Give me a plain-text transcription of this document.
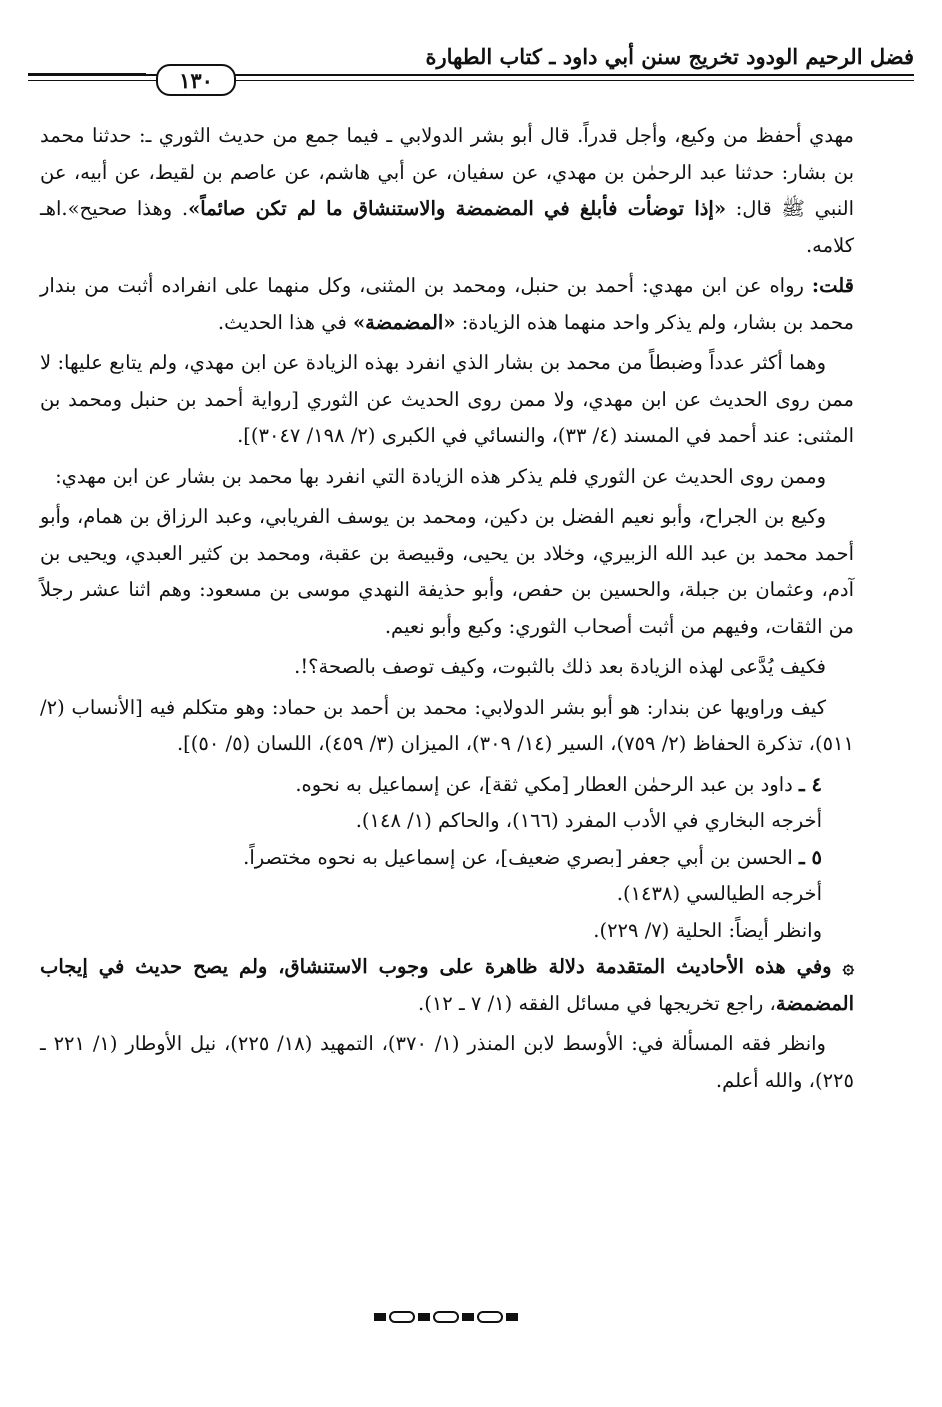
فضل الرحيم الودود تخريج سنن أبي داود ـ كتاب الطهارة
١٣٠

مهدي أحفظ من وكيع، وأجل قدراً. قال أبو بشر الدولابي ـ فيما جمع من حديث الثوري ـ: حدثنا محمد بن بشار: حدثنا عبد الرحمٰن بن مهدي، عن سفيان، عن أبي هاشم، عن عاصم بن لقيط، عن أبيه، عن النبي ﷺ قال: «إذا توضأت فأبلغ في المضمضة والاستنشاق ما لم تكن صائماً». وهذا صحيح».اهـ كلامه.

قلت: رواه عن ابن مهدي: أحمد بن حنبل، ومحمد بن المثنى، وكل منهما على انفراده أثبت من بندار محمد بن بشار، ولم يذكر واحد منهما هذه الزيادة: «المضمضة» في هذا الحديث.

وهما أكثر عدداً وضبطاً من محمد بن بشار الذي انفرد بهذه الزيادة عن ابن مهدي، ولم يتابع عليها: لا ممن روى الحديث عن ابن مهدي، ولا ممن روى الحديث عن الثوري [رواية أحمد بن حنبل ومحمد بن المثنى: عند أحمد في المسند (٤/ ٣٣)، والنسائي في الكبرى (٢/ ١٩٨/ ٣٠٤٧)].

وممن روى الحديث عن الثوري فلم يذكر هذه الزيادة التي انفرد بها محمد بن بشار عن ابن مهدي:

وكيع بن الجراح، وأبو نعيم الفضل بن دكين، ومحمد بن يوسف الفريابي، وعبد الرزاق بن همام، وأبو أحمد محمد بن عبد الله الزبيري، وخلاد بن يحيى، وقبيصة بن عقبة، ومحمد بن كثير العبدي، ويحيى بن آدم، وعثمان بن جبلة، والحسين بن حفص، وأبو حذيفة النهدي موسى بن مسعود: وهم اثنا عشر رجلاً من الثقات، وفيهم من أثبت أصحاب الثوري: وكيع وأبو نعيم.

فكيف يُدَّعى لهذه الزيادة بعد ذلك بالثبوت، وكيف توصف بالصحة؟!.

كيف وراويها عن بندار: هو أبو بشر الدولابي: محمد بن أحمد بن حماد: وهو متكلم فيه [الأنساب (٢/ ٥١١)، تذكرة الحفاظ (٢/ ٧٥٩)، السير (١٤/ ٣٠٩)، الميزان (٣/ ٤٥٩)، اللسان (٥/ ٥٠)].

٤ ـ داود بن عبد الرحمٰن العطار [مكي ثقة]، عن إسماعيل به نحوه.

أخرجه البخاري في الأدب المفرد (١٦٦)، والحاكم (١/ ١٤٨).

٥ ـ الحسن بن أبي جعفر [بصري ضعيف]، عن إسماعيل به نحوه مختصراً.

أخرجه الطيالسي (١٤٣٨).

وانظر أيضاً: الحلية (٧/ ٢٢٩).

۞ وفي هذه الأحاديث المتقدمة دلالة ظاهرة على وجوب الاستنشاق، ولم يصح حديث في إيجاب المضمضة، راجع تخريجها في مسائل الفقه (١/ ٧ ـ ١٢).

وانظر فقه المسألة في: الأوسط لابن المنذر (١/ ٣٧٠)، التمهيد (١٨/ ٢٢٥)، نيل الأوطار (١/ ٢٢١ ـ ٢٢٥)، والله أعلم.
